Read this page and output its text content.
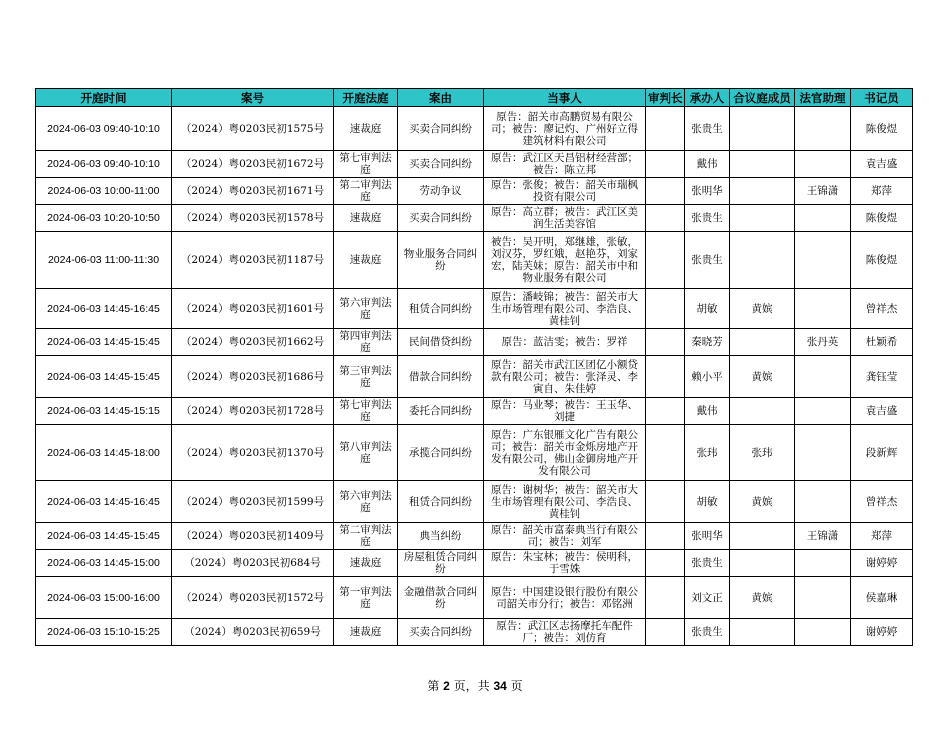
开庭时间	案号	开庭法庭	案由	当事人	审判长	承办人	合议庭成员	法官助理	书记员

2024-06-03 09:40-10:10	（2024）粤0203民初1575号	速裁庭	买卖合同纠纷	原告：韶关市高鹏贸易有限公司；被告：廖记灼、广州好立得建筑材料有限公司		张贵生			陈俊煜

2024-06-03 09:40-10:10	（2024）粤0203民初1672号	第七审判法庭	买卖合同纠纷	原告：武江区天昌铝材经营部；被告：陈立邦		戴伟			袁吉盛

2024-06-03 10:00-11:00	（2024）粤0203民初1671号	第二审判法庭	劳动争议	原告：张俊；被告：韶关市瑞枫投资有限公司		张明华		王锦潇	郑萍

2024-06-03 10:20-10:50	（2024）粤0203民初1578号	速裁庭	买卖合同纠纷	原告：高立群；被告：武江区美润生活美容馆		张贵生			陈俊煜

2024-06-03 11:00-11:30	（2024）粤0203民初1187号	速裁庭	物业服务合同纠纷	被告：吴开明，郑继雄，张敏，刘汉芬，罗红娥，赵艳芬，刘家宏，陆芙妹；原告：韶关市中和物业服务有限公司		张贵生			陈俊煜

2024-06-03 14:45-16:45	（2024）粤0203民初1601号	第六审判法庭	租赁合同纠纷	原告：潘岐锦；被告：韶关市大生市场管理有限公司、李浩良、黄桂钊		胡敏	黄嫔		曾祥杰

2024-06-03 14:45-15:45	（2024）粤0203民初1662号	第四审判法庭	民间借贷纠纷	原告：蓝洁雯；被告：罗祥		秦晓芳		张丹英	杜颖希

2024-06-03 14:45-15:45	（2024）粤0203民初1686号	第三审判法庭	借款合同纠纷	原告：韶关市武江区团亿小额贷款有限公司；被告：张泽灵、李寅自、朱佳婷		赖小平	黄嫔		龚钰莹

2024-06-03 14:45-15:15	（2024）粤0203民初1728号	第七审判法庭	委托合同纠纷	原告：马业琴；被告：王玉华、刘捷		戴伟			袁吉盛

2024-06-03 14:45-18:00	（2024）粤0203民初1370号	第八审判法庭	承揽合同纠纷	原告：广东银雁文化广告有限公司；被告：韶关市金烁房地产开发有限公司，佛山金御房地产开发有限公司		张玮	张玮		段新辉

2024-06-03 14:45-16:45	（2024）粤0203民初1599号	第六审判法庭	租赁合同纠纷	原告：谢树华；被告：韶关市大生市场管理有限公司、李浩良、黄桂钊		胡敏	黄嫔		曾祥杰

2024-06-03 14:45-15:45	（2024）粤0203民初1409号	第二审判法庭	典当纠纷	原告：韶关市富泰典当行有限公司；被告：刘军		张明华		王锦潇	郑萍

2024-06-03 14:45-15:00	（2024）粤0203民初684号	速裁庭	房屋租赁合同纠纷	原告：朱宝林；被告：侯明科，于雪姝		张贵生			谢婷婷

2024-06-03 15:00-16:00	（2024）粤0203民初1572号	第一审判法庭	金融借款合同纠纷	原告：中国建设银行股份有限公司韶关市分行；被告：邓铭洲		刘文正	黄嫔		侯嘉琳

2024-06-03 15:10-15:25	（2024）粤0203民初659号	速裁庭	买卖合同纠纷	原告：武江区志扬摩托车配件厂；被告：刘仿育		张贵生			谢婷婷
第 2 页，共 34 页
